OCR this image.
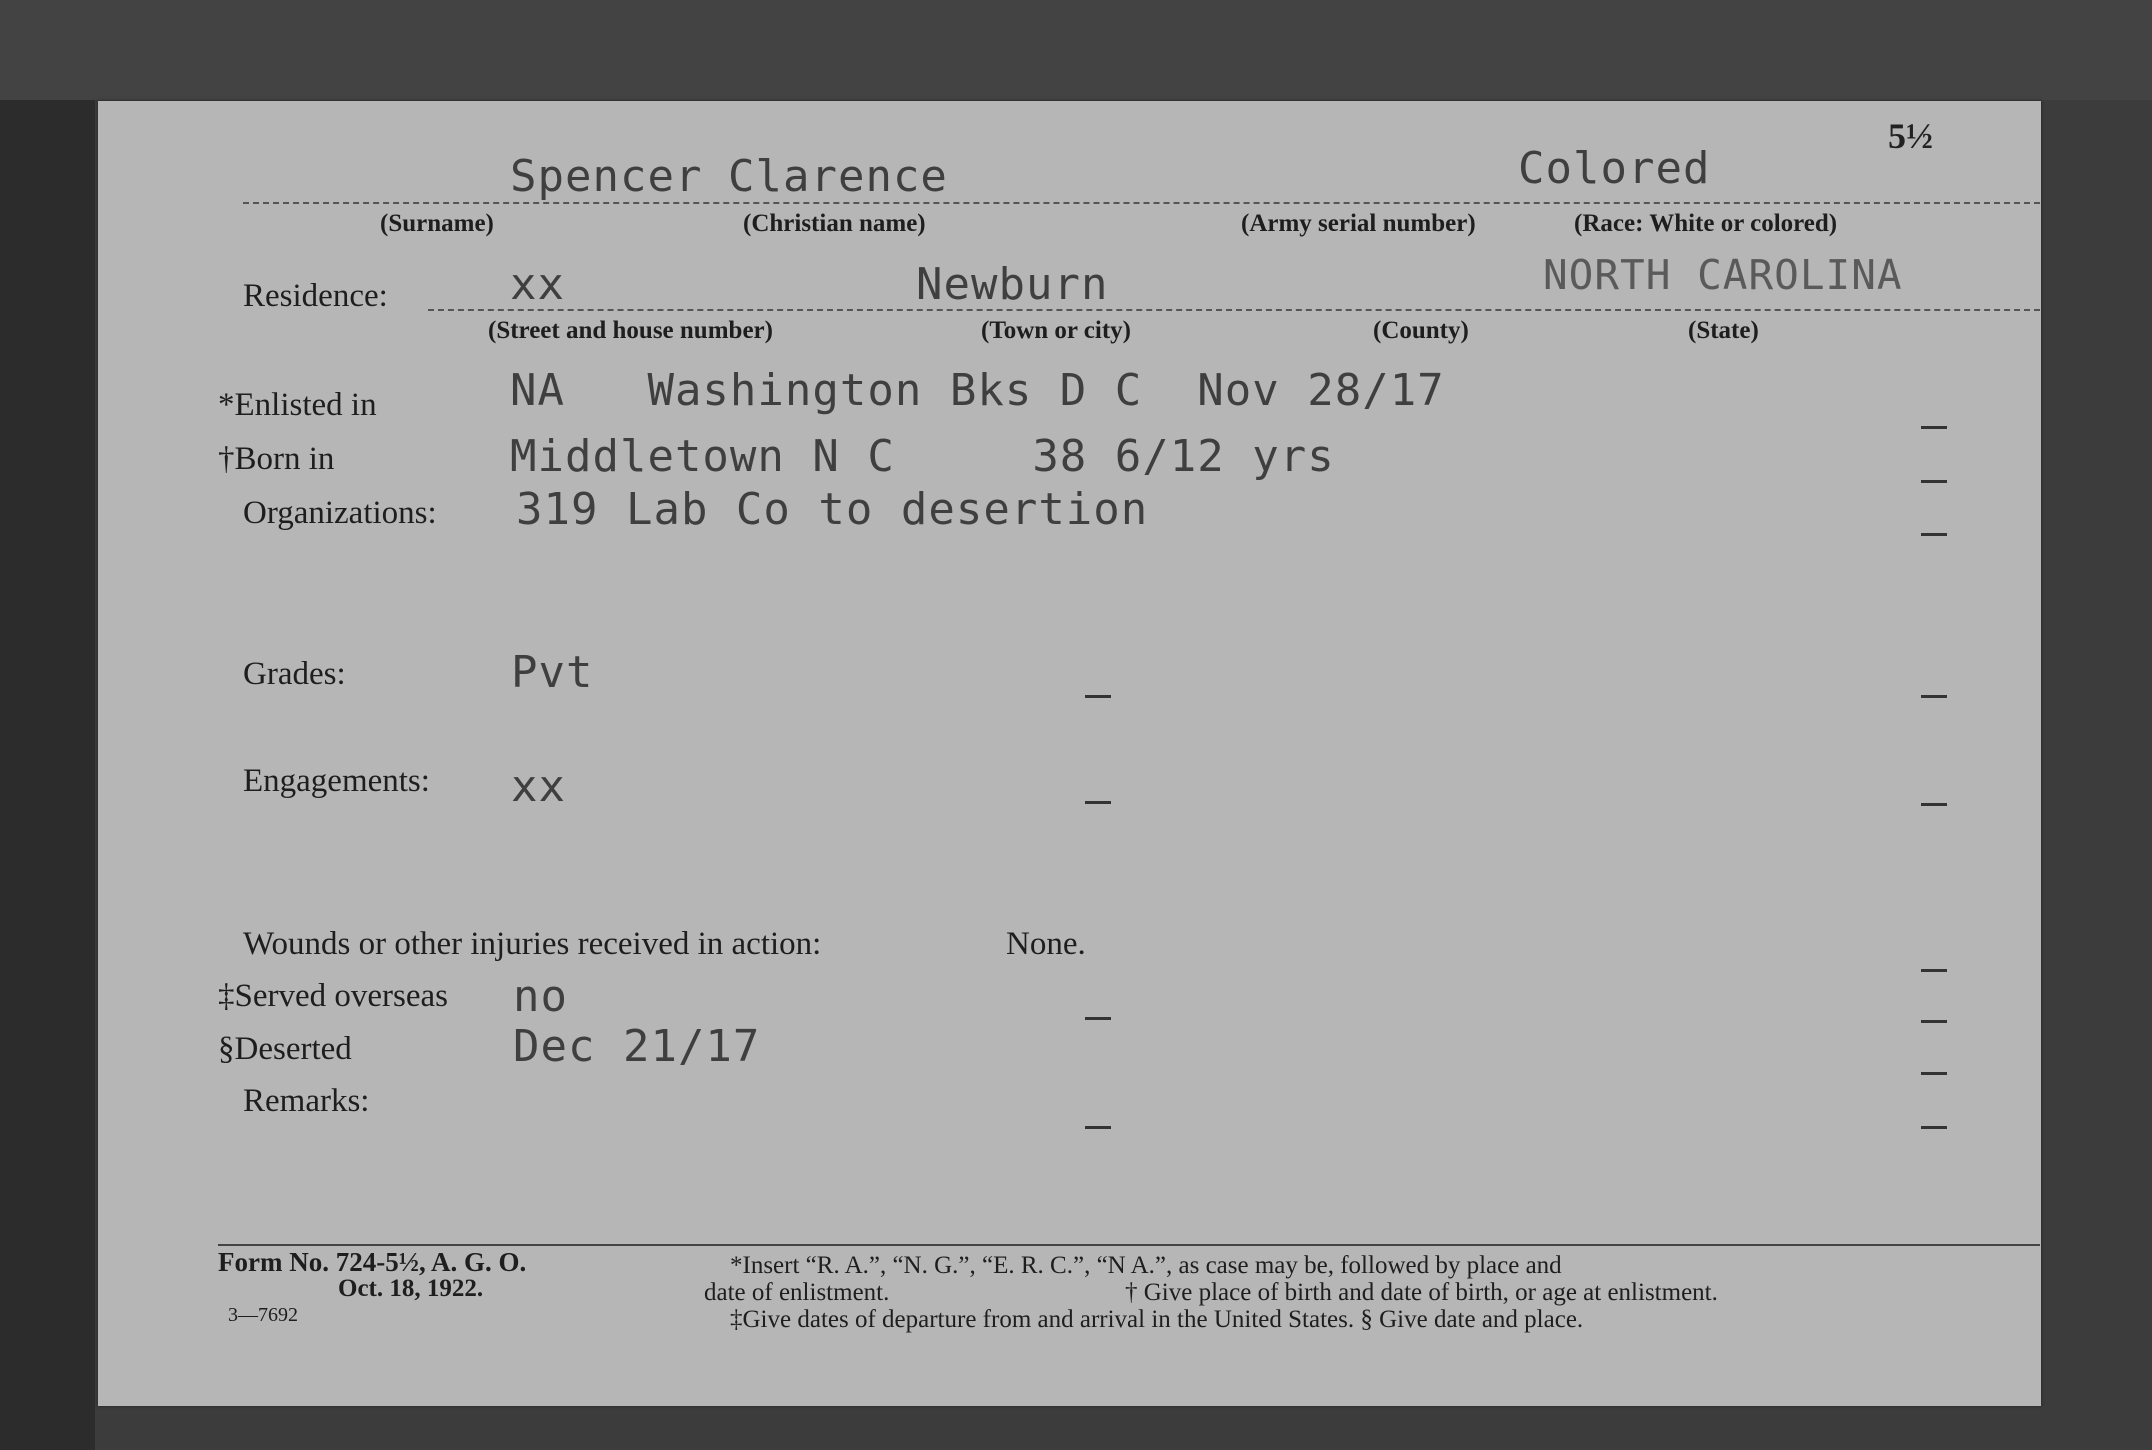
5½
Spencer Clarence	Colored
(Surname)	(Christian name)	(Army serial number)	(Race: White or colored)
Residence:	xx	Newburn	NORTH CAROLINA
(Street and house number)	(Town or city)	(County)	(State)
*Enlisted in	NA   Washington Bks D C  Nov 28/17
†Born in	Middletown N C     38 6/12 yrs
Organizations: 319 Lab Co to desertion
Grades:	Pvt
Engagements: xx
Wounds or other injuries received in action:	None.
‡Served overseas no
§Deserted	Dec 21/17
Remarks:
Form No. 724-5½, A. G. O.
Oct. 18, 1922.
3—7692
*Insert “R. A.”, “N. G.”, “E. R. C.”, “N A.”, as case may be, followed by place and
date of enlistment.	† Give place of birth and date of birth, or age at enlistment.
‡Give dates of departure from and arrival in the United States. § Give date and place.
